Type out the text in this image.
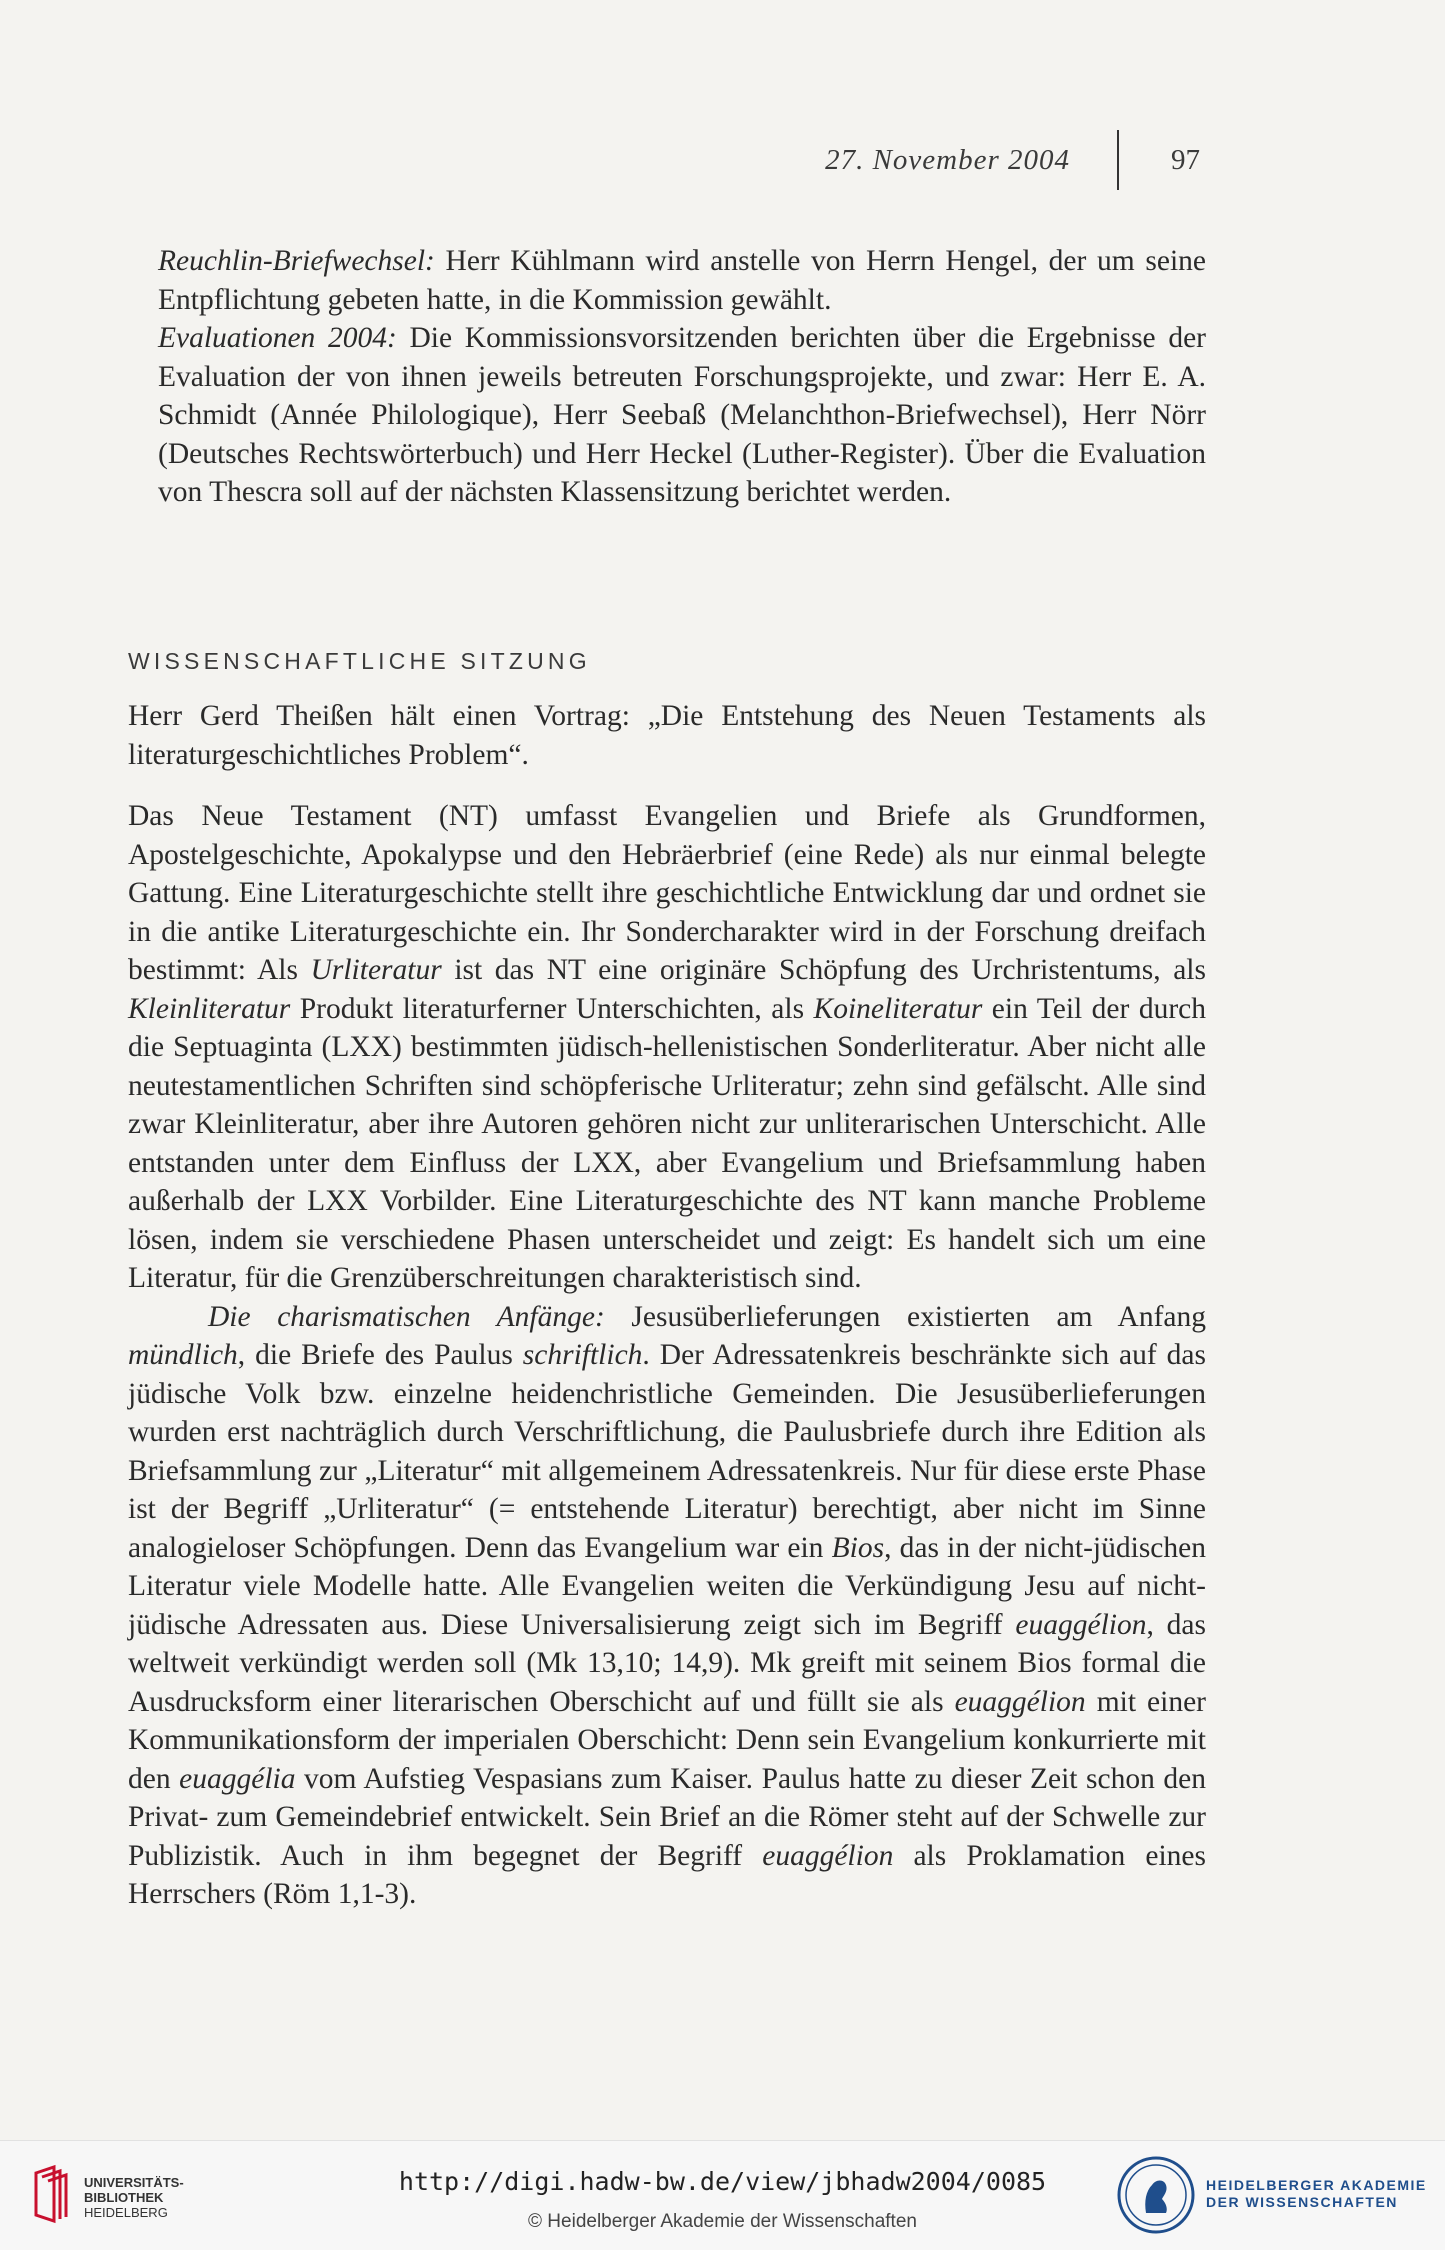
27. November 2004	97

Reuchlin-Briefwechsel: Herr Kühlmann wird anstelle von Herrn Hengel, der um seine Entpflichtung gebeten hatte, in die Kommission gewählt.

Evaluationen 2004: Die Kommissionsvorsitzenden berichten über die Ergebnisse der Evaluation der von ihnen jeweils betreuten Forschungsprojekte, und zwar: Herr E. A. Schmidt (Année Philologique), Herr Seebaß (Melanchthon-Briefwechsel), Herr Nörr (Deutsches Rechtswörterbuch) und Herr Heckel (Luther-Register). Über die Evaluation von Thescra soll auf der nächsten Klassensitzung berichtet werden.

WISSENSCHAFTLICHE SITZUNG

Herr Gerd Theißen hält einen Vortrag: „Die Entstehung des Neuen Testaments als literaturgeschichtliches Problem“.

Das Neue Testament (NT) umfasst Evangelien und Briefe als Grundformen, Apostelgeschichte, Apokalypse und den Hebräerbrief (eine Rede) als nur einmal belegte Gattung. Eine Literaturgeschichte stellt ihre geschichtliche Entwicklung dar und ordnet sie in die antike Literaturgeschichte ein. Ihr Sondercharakter wird in der Forschung dreifach bestimmt: Als Urliteratur ist das NT eine originäre Schöpfung des Urchristentums, als Kleinliteratur Produkt literaturferner Unterschichten, als Koineliteratur ein Teil der durch die Septuaginta (LXX) bestimmten jüdisch-hellenistischen Sonderliteratur. Aber nicht alle neutestamentlichen Schriften sind schöpferische Urliteratur; zehn sind gefälscht. Alle sind zwar Kleinliteratur, aber ihre Autoren gehören nicht zur unliterarischen Unterschicht. Alle entstanden unter dem Einfluss der LXX, aber Evangelium und Briefsammlung haben außerhalb der LXX Vorbilder. Eine Literaturgeschichte des NT kann manche Probleme lösen, indem sie verschiedene Phasen unterscheidet und zeigt: Es handelt sich um eine Literatur, für die Grenzüberschreitungen charakteristisch sind.

Die charismatischen Anfänge: Jesusüberlieferungen existierten am Anfang mündlich, die Briefe des Paulus schriftlich. Der Adressatenkreis beschränkte sich auf das jüdische Volk bzw. einzelne heidenchristliche Gemeinden. Die Jesusüberlieferungen wurden erst nachträglich durch Verschriftlichung, die Paulusbriefe durch ihre Edition als Briefsammlung zur „Literatur“ mit allgemeinem Adressatenkreis. Nur für diese erste Phase ist der Begriff „Urliteratur“ (= entstehende Literatur) berechtigt, aber nicht im Sinne analogieloser Schöpfungen. Denn das Evangelium war ein Bios, das in der nicht-jüdischen Literatur viele Modelle hatte. Alle Evangelien weiten die Verkündigung Jesu auf nicht-jüdische Adressaten aus. Diese Universalisierung zeigt sich im Begriff euaggélion, das weltweit verkündigt werden soll (Mk 13,10; 14,9). Mk greift mit seinem Bios formal die Ausdrucksform einer literarischen Oberschicht auf und füllt sie als euaggélion mit einer Kommunikationsform der imperialen Oberschicht: Denn sein Evangelium konkurrierte mit den euaggélia vom Aufstieg Vespasians zum Kaiser. Paulus hatte zu dieser Zeit schon den Privat- zum Gemeindebrief entwickelt. Sein Brief an die Römer steht auf der Schwelle zur Publizistik. Auch in ihm begegnet der Begriff euaggélion als Proklamation eines Herrschers (Röm 1,1-3).

UNIVERSITÄTS-
BIBLIOTHEK
HEIDELBERG
http://digi.hadw-bw.de/view/jbhadw2004/0085
© Heidelberger Akademie der Wissenschaften
HEIDELBERGER AKADEMIE
DER WISSENSCHAFTEN
